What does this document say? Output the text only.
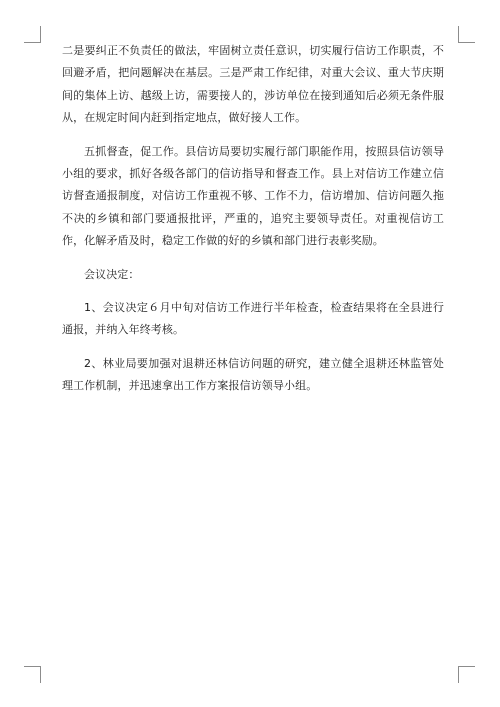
二是要纠正不负责任的做法，牢固树立责任意识，切实履行信访工作职责，不回避矛盾，把问题解决在基层。三是严肃工作纪律，对重大会议、重大节庆期间的集体上访、越级上访，需要接人的，涉访单位在接到通知后必须无条件服从，在规定时间内赶到指定地点，做好接人工作。

五抓督查，促工作。县信访局要切实履行部门职能作用，按照县信访领导小组的要求，抓好各级各部门的信访指导和督查工作。县上对信访工作建立信访督查通报制度，对信访工作重视不够、工作不力，信访增加、信访问题久拖不决的乡镇和部门要通报批评，严重的，追究主要领导责任。对重视信访工作，化解矛盾及时，稳定工作做的好的乡镇和部门进行表彰奖励。

会议决定：

1、会议决定６月中旬对信访工作进行半年检查，检查结果将在全县进行通报，并纳入年终考核。

2、林业局要加强对退耕还林信访问题的研究，建立健全退耕还林监管处理工作机制，并迅速拿出工作方案报信访领导小组。
